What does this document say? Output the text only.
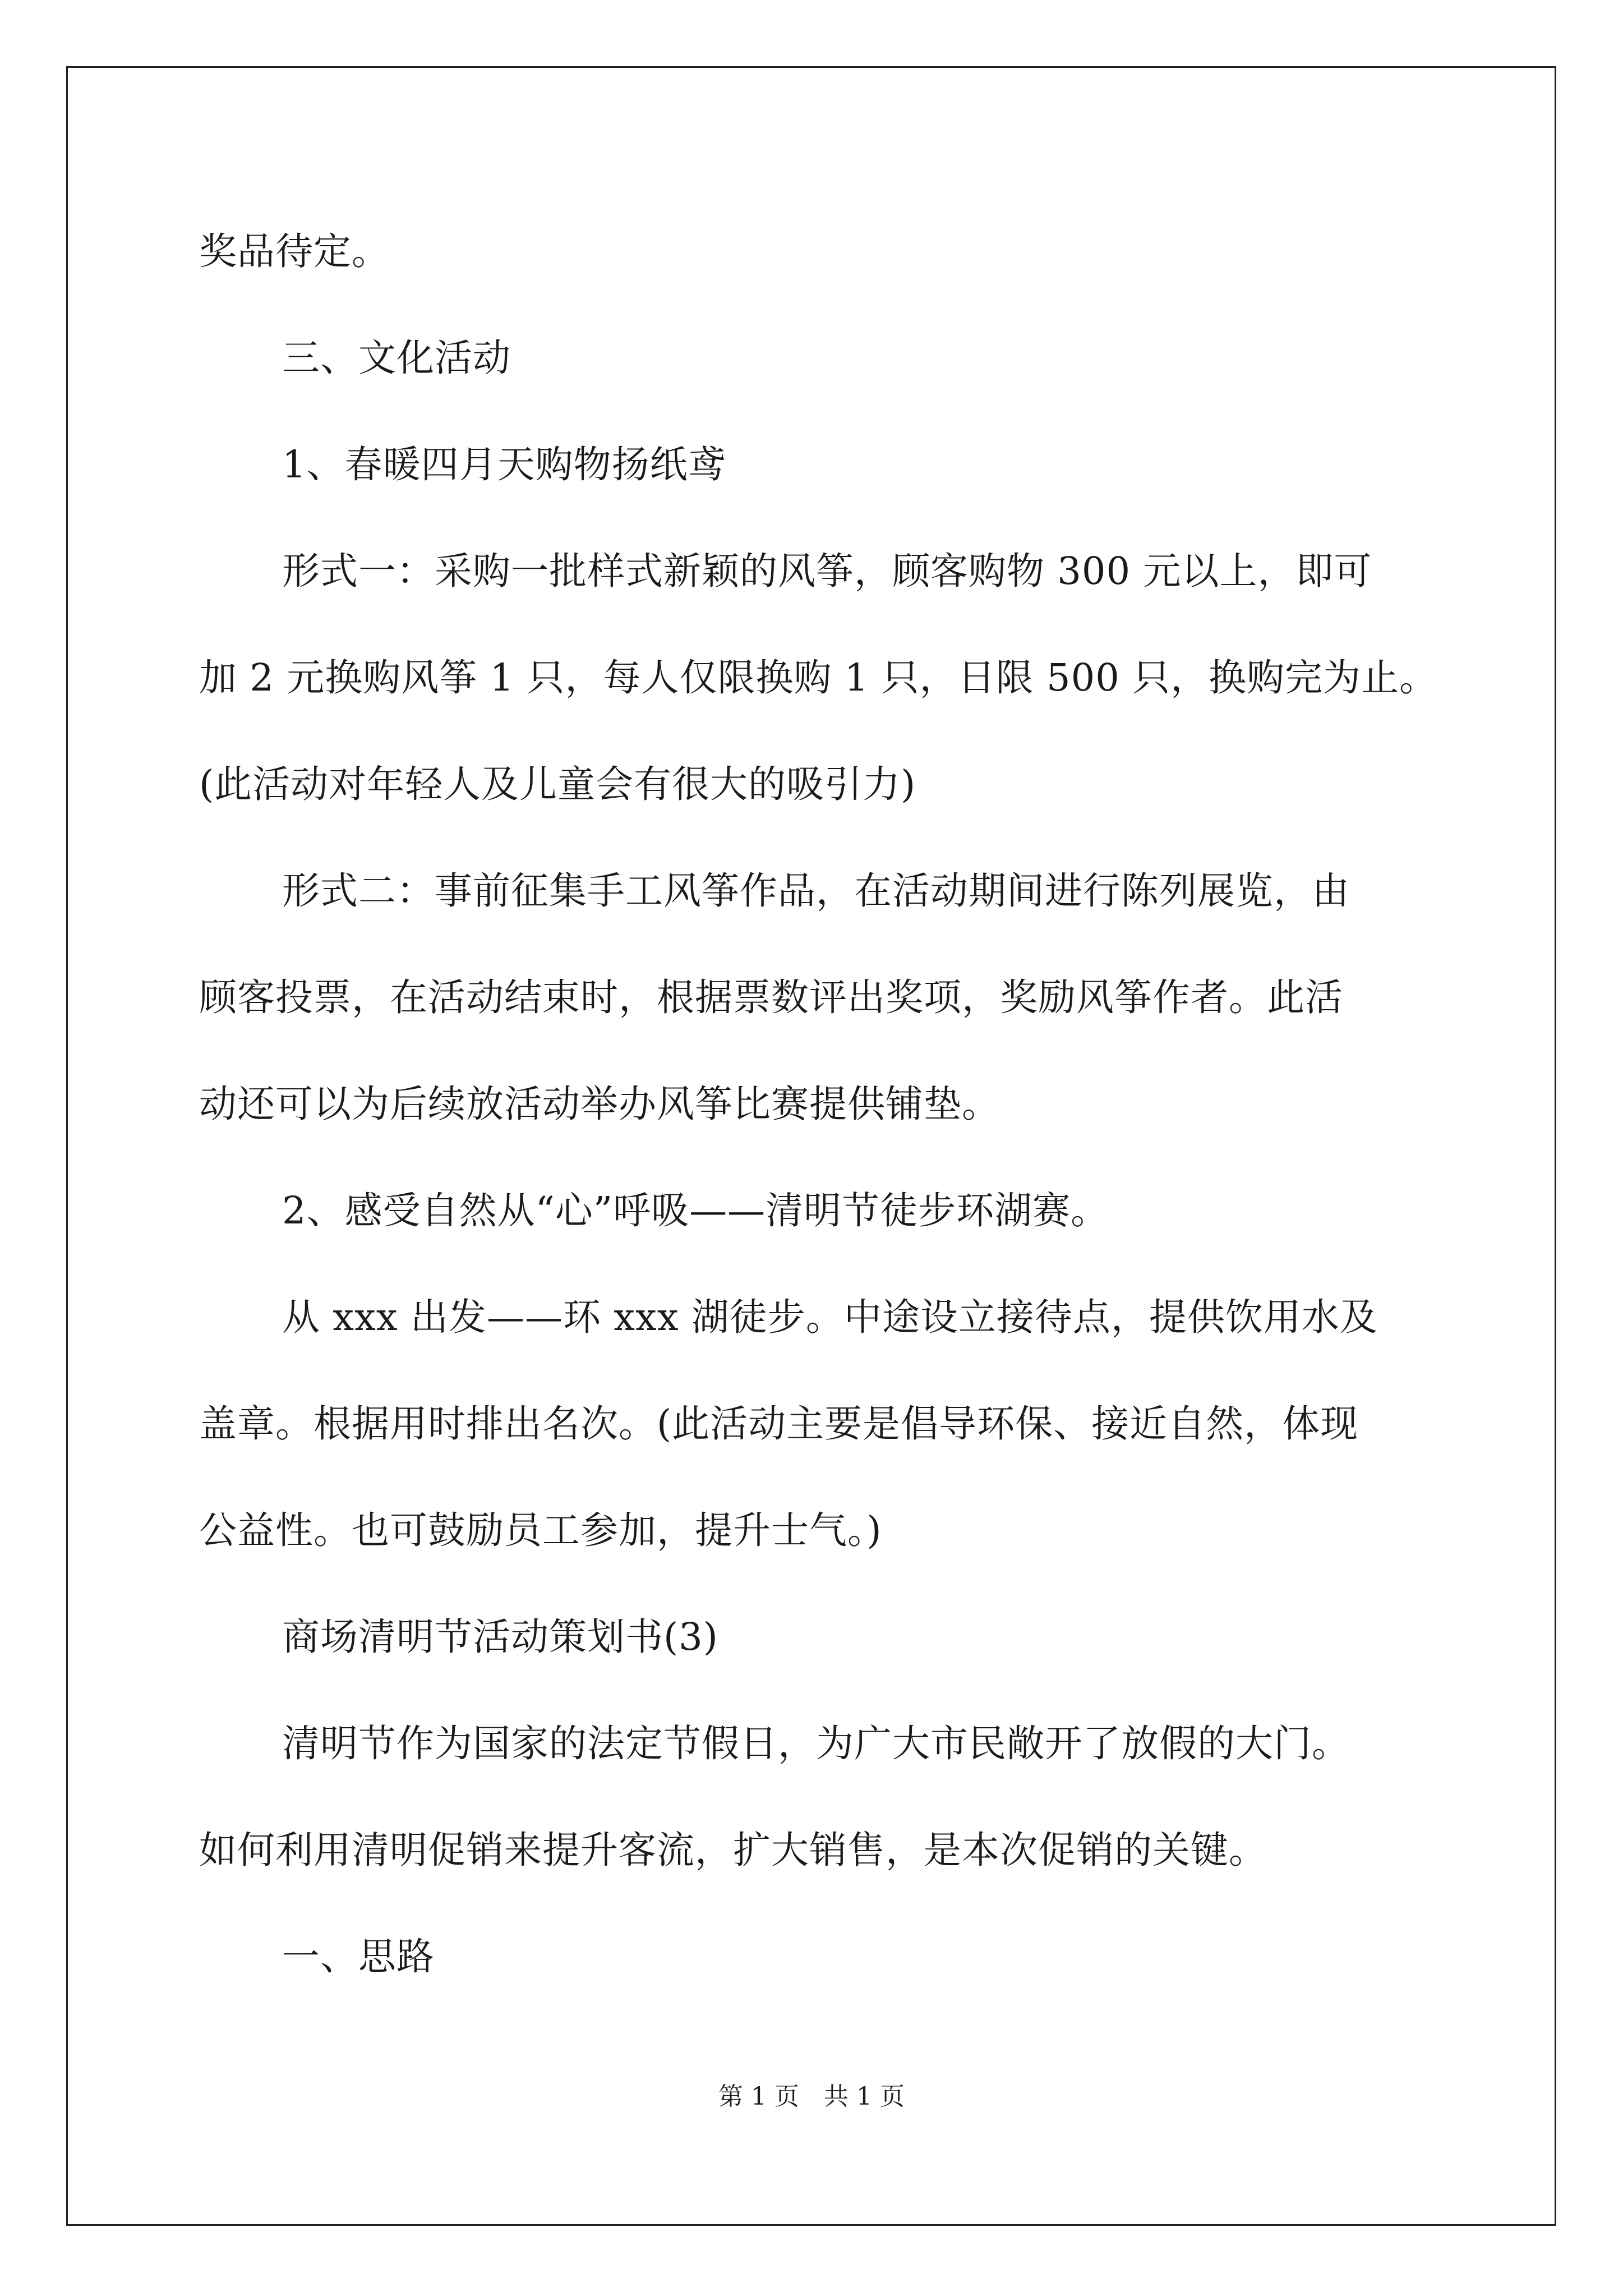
奖品待定。
三、文化活动
1、春暖四月天购物扬纸鸢
形式一：采购一批样式新颖的风筝，顾客购物 300 元以上，即可
加 2 元换购风筝 1 只，每人仅限换购 1 只，日限 500 只，换购完为止。
(此活动对年轻人及儿童会有很大的吸引力)
形式二：事前征集手工风筝作品，在活动期间进行陈列展览，由
顾客投票，在活动结束时，根据票数评出奖项，奖励风筝作者。此活
动还可以为后续放活动举办风筝比赛提供铺垫。
2、感受自然从“心”呼吸——清明节徒步环湖赛。
从 xxx 出发——环 xxx 湖徒步。中途设立接待点，提供饮用水及
盖章。根据用时排出名次。(此活动主要是倡导环保、接近自然，体现
公益性。也可鼓励员工参加，提升士气。)
商场清明节活动策划书(3)
清明节作为国家的法定节假日，为广大市民敞开了放假的大门。
如何利用清明促销来提升客流，扩大销售，是本次促销的关键。
一、思路
第 1 页 共 1 页
